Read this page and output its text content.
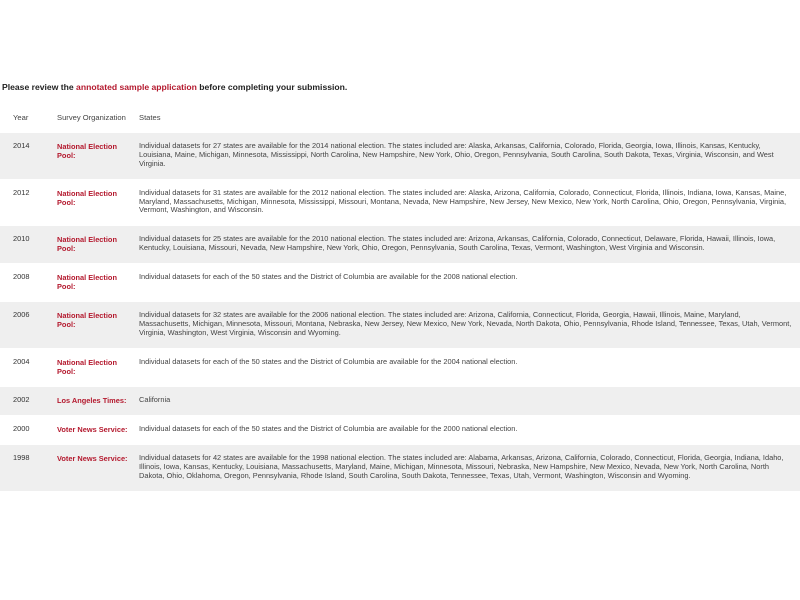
Please review the annotated sample application before completing your submission.

Year	Survey Organization	States
2014	National Election Pool:	Individual datasets for 27 states are available for the 2014 national election. The states included are: Alaska, Arkansas, California, Colorado, Florida, Georgia, Iowa, Illinois, Kansas, Kentucky, Louisiana, Maine, Michigan, Minnesota, Mississippi, North Carolina, New Hampshire, New York, Ohio, Oregon, Pennsylvania, South Carolina, South Dakota, Texas, Virginia, Wisconsin, and West Virginia.
2012	National Election Pool:	Individual datasets for 31 states are available for the 2012 national election. The states included are: Alaska, Arizona, California, Colorado, Connecticut, Florida, Illinois, Indiana, Iowa, Kansas, Maine, Maryland, Massachusetts, Michigan, Minnesota, Mississippi, Missouri, Montana, Nevada, New Hampshire, New Jersey, New Mexico, New York, North Carolina, Ohio, Oregon, Pennsylvania, Virginia, Vermont, Washington, and Wisconsin.
2010	National Election Pool:	Individual datasets for 25 states are available for the 2010 national election. The states included are: Arizona, Arkansas, California, Colorado, Connecticut, Delaware, Florida, Hawaii, Illinois, Iowa, Kentucky, Louisiana, Missouri, Nevada, New Hampshire, New York, Ohio, Oregon, Pennsylvania, South Carolina, Texas, Vermont, Washington, West Virginia and Wisconsin.
2008	National Election Pool:	Individual datasets for each of the 50 states and the District of Columbia are available for the 2008 national election.
2006	National Election Pool:	Individual datasets for 32 states are available for the 2006 national election. The states included are: Arizona, California, Connecticut, Florida, Georgia, Hawaii, Illinois, Maine, Maryland, Massachusetts, Michigan, Minnesota, Missouri, Montana, Nebraska, New Jersey, New Mexico, New York, Nevada, North Dakota, Ohio, Pennsylvania, Rhode Island, Tennessee, Texas, Utah, Vermont, Virginia, Washington, West Virginia, Wisconsin and Wyoming.
2004	National Election Pool:	Individual datasets for each of the 50 states and the District of Columbia are available for the 2004 national election.
2002	Los Angeles Times:	California
2000	Voter News Service:	Individual datasets for each of the 50 states and the District of Columbia are available for the 2000 national election.
1998	Voter News Service:	Individual datasets for 42 states are available for the 1998 national election. The states included are: Alabama, Arkansas, Arizona, California, Colorado, Connecticut, Florida, Georgia, Indiana, Idaho, Illinois, Iowa, Kansas, Kentucky, Louisiana, Massachusetts, Maryland, Maine, Michigan, Minnesota, Missouri, Nebraska, New Hampshire, New Mexico, Nevada, New York, North Carolina, North Dakota, Ohio, Oklahoma, Oregon, Pennsylvania, Rhode Island, South Carolina, South Dakota, Tennessee, Texas, Utah, Vermont, Washington, Wisconsin and Wyoming.
